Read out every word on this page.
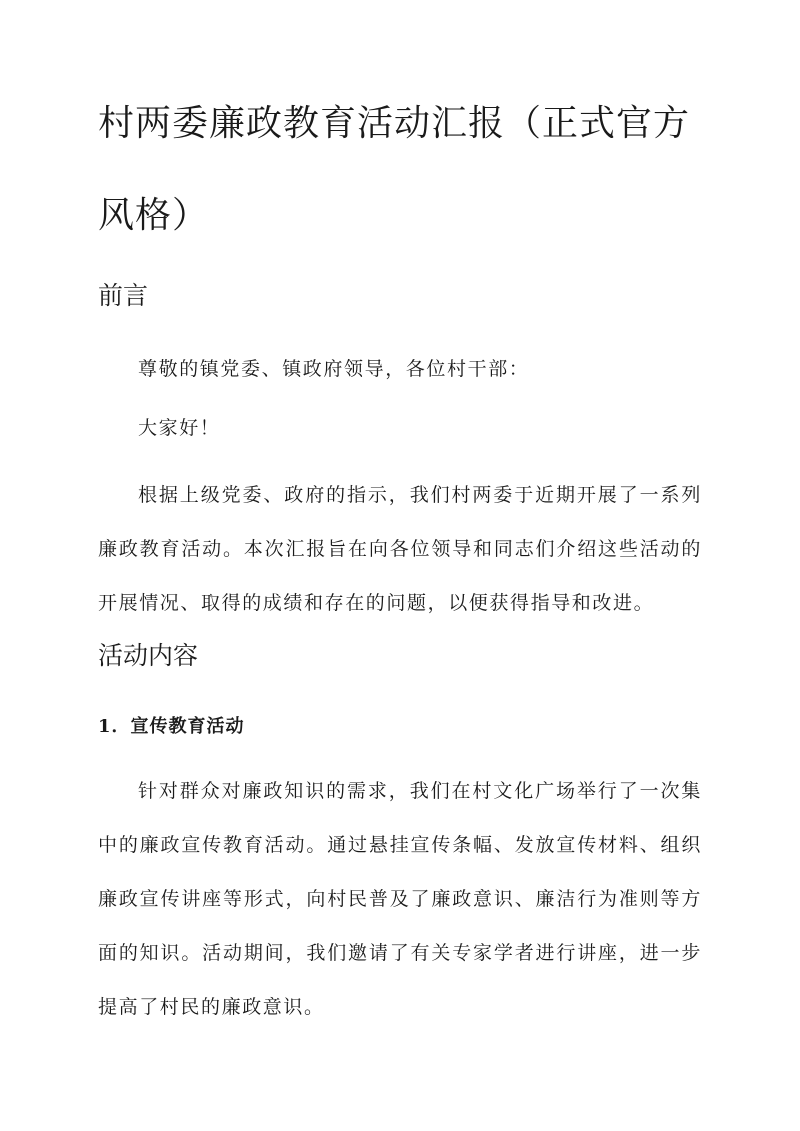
村两委廉政教育活动汇报（正式官方风格）
前言

尊敬的镇党委、镇政府领导，各位村干部：

大家好！

根据上级党委、政府的指示，我们村两委于近期开展了一系列廉政教育活动。本次汇报旨在向各位领导和同志们介绍这些活动的开展情况、取得的成绩和存在的问题，以便获得指导和改进。

活动内容
1．宣传教育活动

针对群众对廉政知识的需求，我们在村文化广场举行了一次集中的廉政宣传教育活动。通过悬挂宣传条幅、发放宣传材料、组织廉政宣传讲座等形式，向村民普及了廉政意识、廉洁行为准则等方面的知识。活动期间，我们邀请了有关专家学者进行讲座，进一步提高了村民的廉政意识。
